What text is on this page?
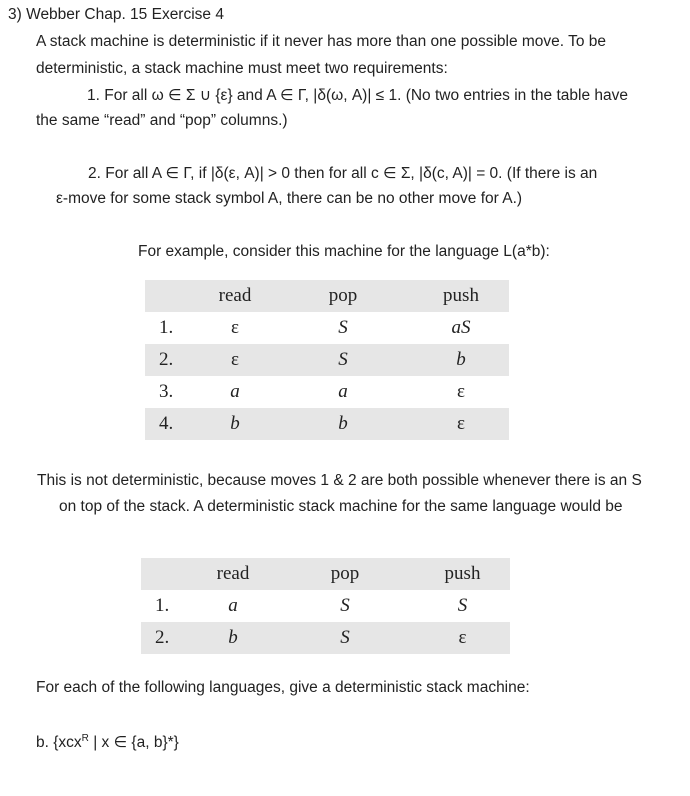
3) Webber Chap. 15 Exercise 4
A stack machine is deterministic if it never has more than one possible move. To be
deterministic, a stack machine must meet two requirements:
1. For all ω ∈ Σ ∪ {ε} and A ∈ Γ, |δ(ω, A)| ≤ 1. (No two entries in the table have
the same “read” and “pop” columns.)
2. For all A ∈ Γ, if |δ(ε, A)| > 0 then for all c ∈ Σ, |δ(c, A)| = 0. (If there is an
ε-move for some stack symbol A, there can be no other move for A.)
For example, consider this machine for the language L(a*b):
	read	pop	push
1.	ε	S	aS
2.	ε	S	b
3.	a	a	ε
4.	b	b	ε
This is not deterministic, because moves 1 & 2 are both possible whenever there is an S
on top of the stack. A deterministic stack machine for the same language would be
	read	pop	push
1.	a	S	S
2.	b	S	ε
For each of the following languages, give a deterministic stack machine:
b. {xcx$^R$ | x ∈ {a, b}*}
